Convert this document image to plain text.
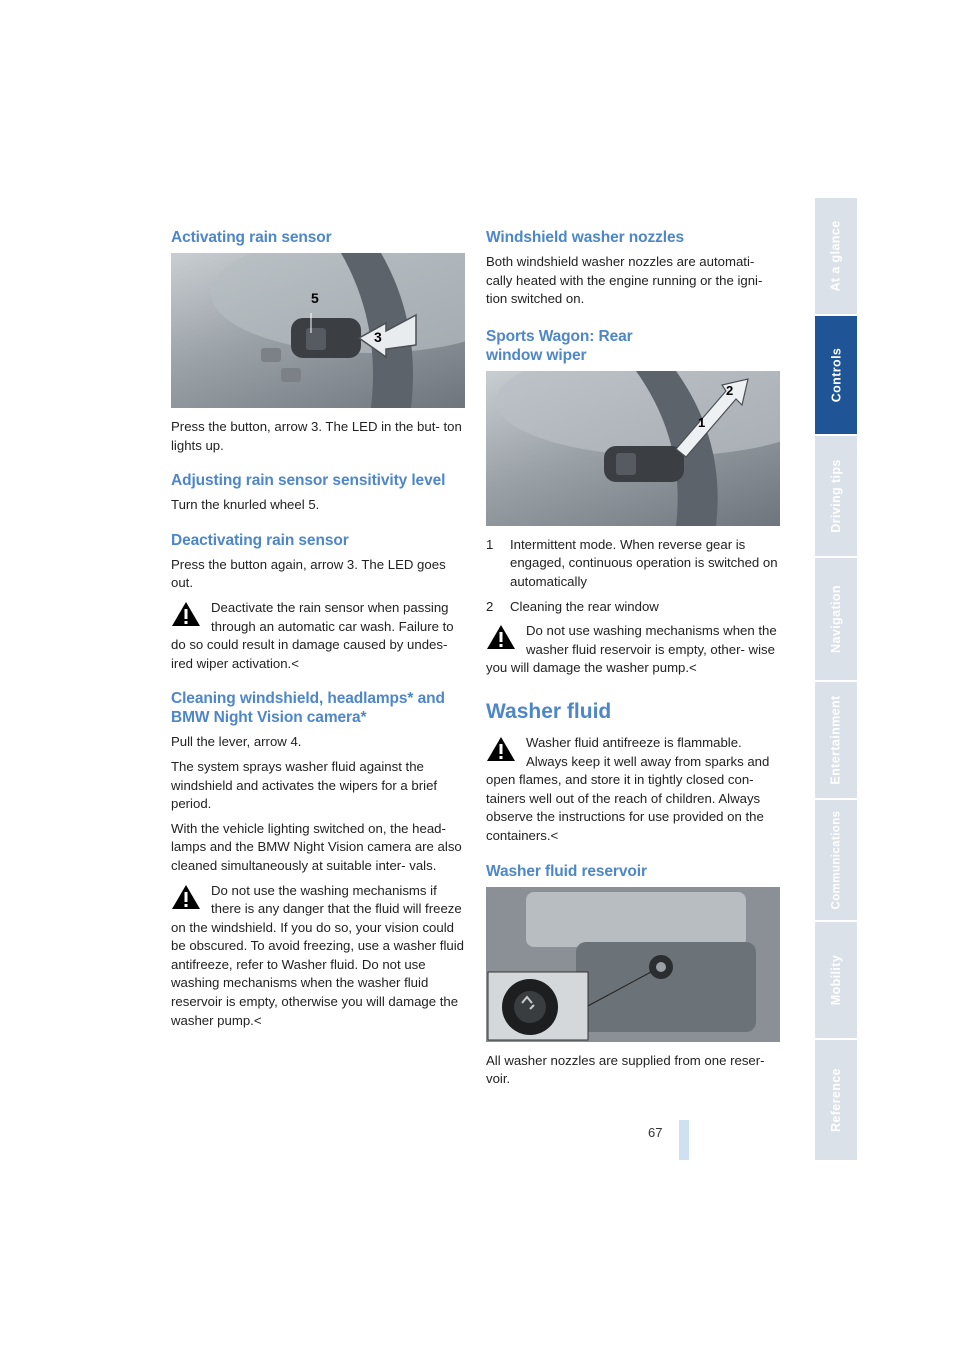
Activating rain sensor
5
3

Press the button, arrow 3. The LED in the but- ton lights up.

Adjusting rain sensor sensitivity level

Turn the knurled wheel 5.

Deactivating rain sensor

Press the button again, arrow 3. The LED goes out.

Deactivate the rain sensor when passing through an automatic car wash. Failure to do so could result in damage caused by undes- ired wiper activation.<
Cleaning windshield, headlamps* and BMW Night Vision camera*

Pull the lever, arrow 4.

The system sprays washer fluid against the windshield and activates the wipers for a brief period.

With the vehicle lighting switched on, the head- lamps and the BMW Night Vision camera are also cleaned simultaneously at suitable inter- vals.

Do not use the washing mechanisms if there is any danger that the fluid will freeze on the windshield. If you do so, your vision could be obscured. To avoid freezing, use a washer fluid antifreeze, refer to Washer fluid. Do not use washing mechanisms when the washer fluid reservoir is empty, otherwise you will damage the washer pump.<
Windshield washer nozzles

Both windshield washer nozzles are automati- cally heated with the engine running or the igni- tion switched on.

Sports Wagon: Rear window wiper
1
2
1 Intermittent mode. When reverse gear is engaged, continuous operation is switched on automatically
2 Cleaning the rear window
Do not use washing mechanisms when the washer fluid reservoir is empty, other- wise you will damage the washer pump.<
Washer fluid
Washer fluid antifreeze is flammable. Always keep it well away from sparks and open flames, and store it in tightly closed con- tainers well out of the reach of children. Always observe the instructions for use provided on the containers.<
Washer fluid reservoir

All washer nozzles are supplied from one reser- voir.

At a glance
Controls
Driving tips
Navigation
Entertainment
Communications
Mobility
Reference
67
